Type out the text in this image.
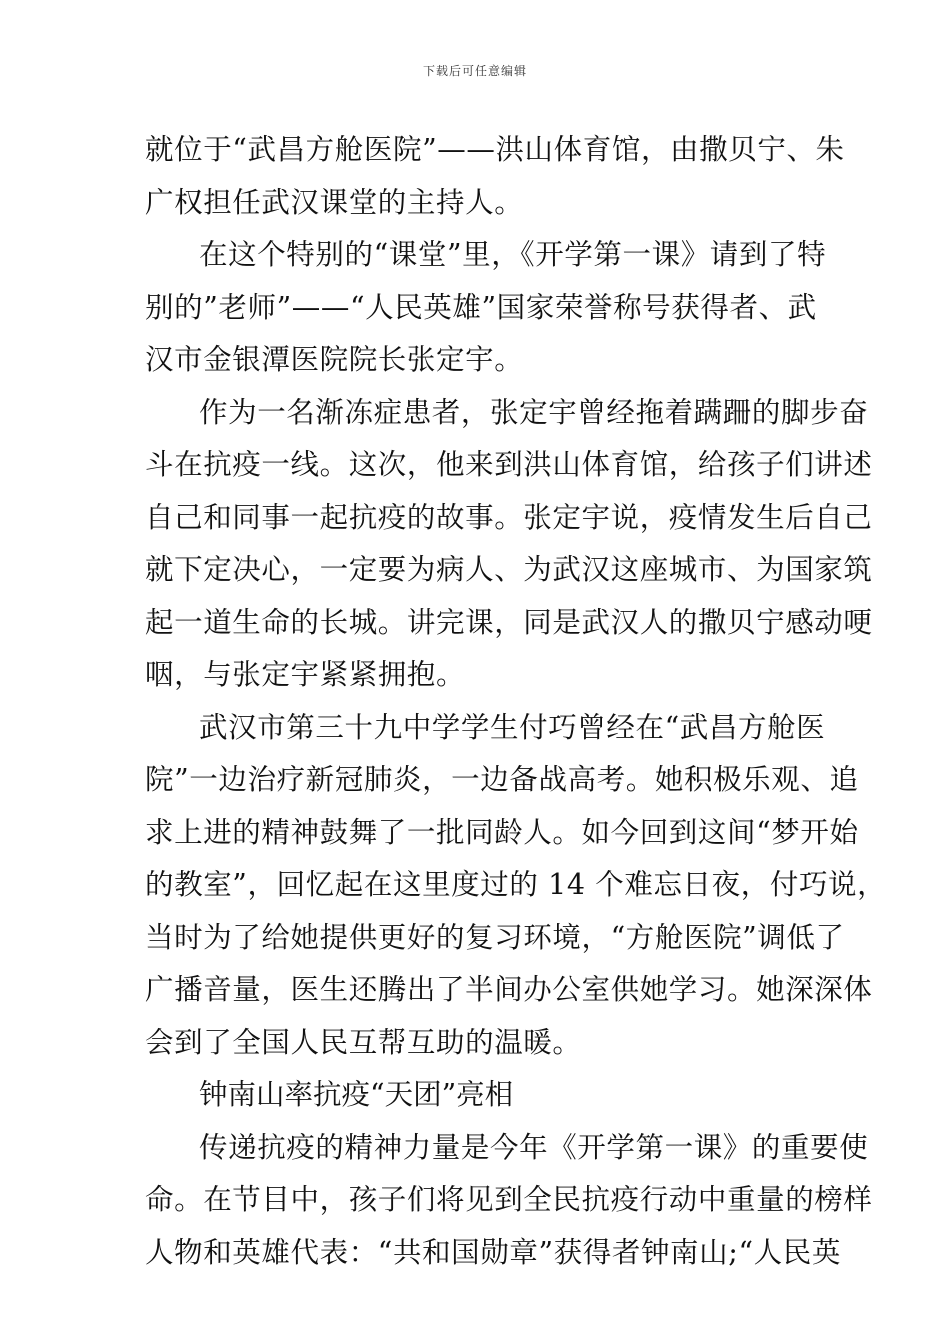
下载后可任意编辑
就位于“武昌方舱医院”——洪山体育馆，由撒贝宁、朱
广权担任武汉课堂的主持人。
在这个特别的“课堂”里，《开学第一课》请到了特
别的”老师”——“人民英雄”国家荣誉称号获得者、武
汉市金银潭医院院长张定宇。
作为一名渐冻症患者，张定宇曾经拖着蹒跚的脚步奋
斗在抗疫一线。这次，他来到洪山体育馆，给孩子们讲述
自己和同事一起抗疫的故事。张定宇说，疫情发生后自己
就下定决心，一定要为病人、为武汉这座城市、为国家筑
起一道生命的长城。讲完课，同是武汉人的撒贝宁感动哽
咽，与张定宇紧紧拥抱。
武汉市第三十九中学学生付巧曾经在“武昌方舱医
院”一边治疗新冠肺炎，一边备战高考。她积极乐观、追
求上进的精神鼓舞了一批同龄人。如今回到这间“梦开始
的教室”，回忆起在这里度过的 14 个难忘日夜，付巧说，
当时为了给她提供更好的复习环境，“方舱医院”调低了
广播音量，医生还腾出了半间办公室供她学习。她深深体
会到了全国人民互帮互助的温暖。
钟南山率抗疫“天团”亮相
传递抗疫的精神力量是今年《开学第一课》的重要使
命。在节目中，孩子们将见到全民抗疫行动中重量的榜样
人物和英雄代表：“共和国勋章”获得者钟南山;“人民英
